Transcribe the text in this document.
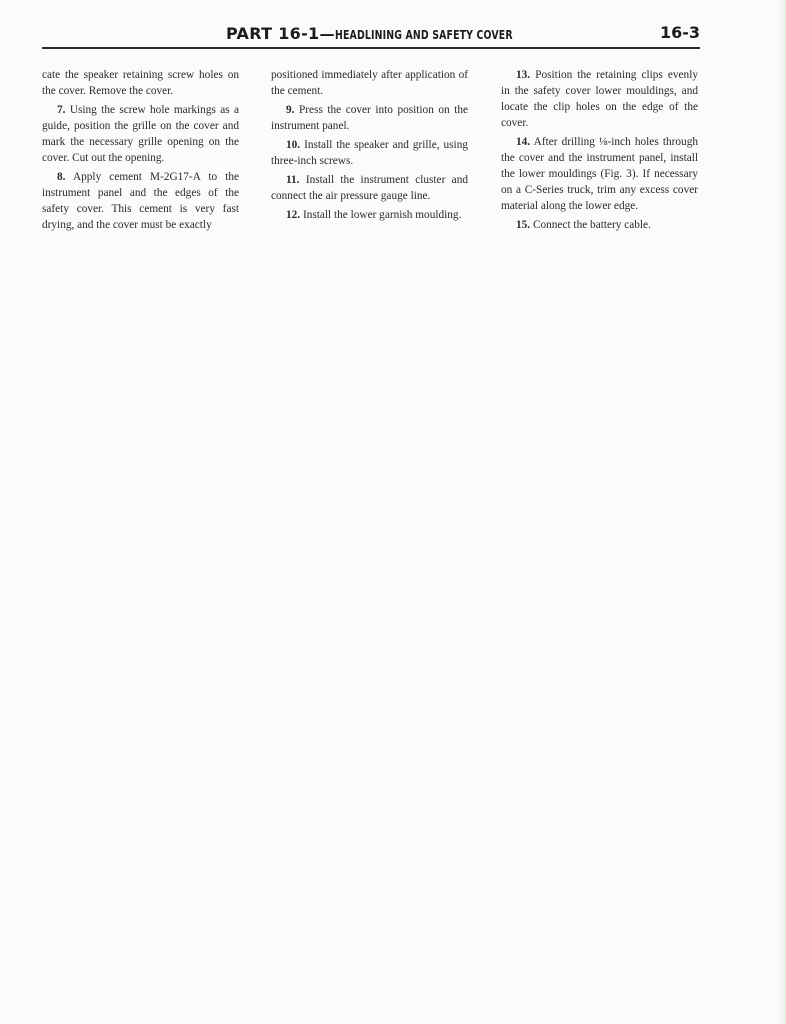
PART 16-1—HEADLINING AND SAFETY COVER	16-3

cate the speaker retaining screw holes on the cover. Remove the cover.

7. Using the screw hole markings as a guide, position the grille on the cover and mark the necessary grille opening on the cover. Cut out the opening.

8. Apply cement M-2G17-A to the instrument panel and the edges of the safety cover. This cement is very fast drying, and the cover must be exactly

positioned immediately after application of the cement.

9. Press the cover into position on the instrument panel.

10. Install the speaker and grille, using three-inch screws.

11. Install the instrument cluster and connect the air pressure gauge line.

12. Install the lower garnish moulding.

13. Position the retaining clips evenly in the safety cover lower mouldings, and locate the clip holes on the edge of the cover.

14. After drilling ⅛-inch holes through the cover and the instrument panel, install the lower mouldings (Fig. 3). If necessary on a C-Series truck, trim any excess cover material along the lower edge.

15. Connect the battery cable.
